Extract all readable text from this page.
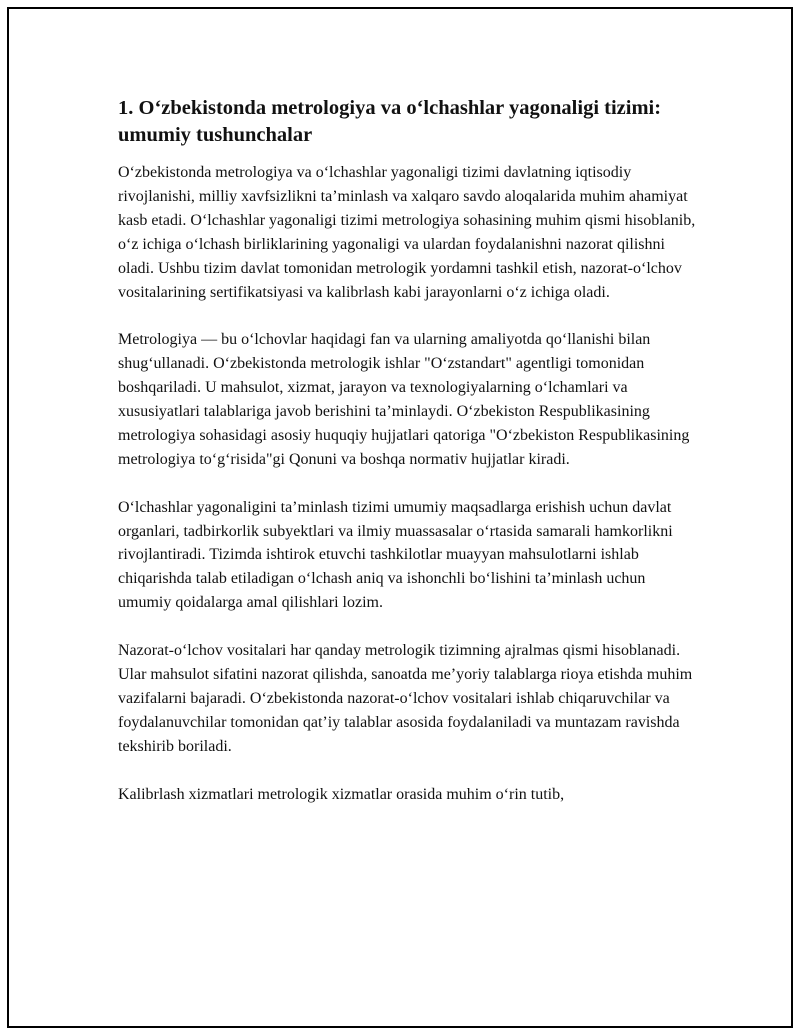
1. O‘zbekistonda metrologiya va o‘lchashlar yagonaligi tizimi: umumiy tushunchalar

O‘zbekistonda metrologiya va o‘lchashlar yagonaligi tizimi davlatning iqtisodiy rivojlanishi, milliy xavfsizlikni ta’minlash va xalqaro savdo aloqalarida muhim ahamiyat kasb etadi. O‘lchashlar yagonaligi tizimi metrologiya sohasining muhim qismi hisoblanib, o‘z ichiga o‘lchash birliklarining yagonaligi va ulardan foydalanishni nazorat qilishni oladi. Ushbu tizim davlat tomonidan metrologik yordamni tashkil etish, nazorat-o‘lchov vositalarining sertifikatsiyasi va kalibrlash kabi jarayonlarni o‘z ichiga oladi.

Metrologiya — bu o‘lchovlar haqidagi fan va ularning amaliyotda qo‘llanishi bilan shug‘ullanadi. O‘zbekistonda metrologik ishlar "O‘zstandart" agentligi tomonidan boshqariladi. U mahsulot, xizmat, jarayon va texnologiyalarning o‘lchamlari va xususiyatlari talablariga javob berishini ta’minlaydi. O‘zbekiston Respublikasining metrologiya sohasidagi asosiy huquqiy hujjatlari qatoriga "O‘zbekiston Respublikasining metrologiya to‘g‘risida"gi Qonuni va boshqa normativ hujjatlar kiradi.

O‘lchashlar yagonaligini ta’minlash tizimi umumiy maqsadlarga erishish uchun davlat organlari, tadbirkorlik subyektlari va ilmiy muassasalar o‘rtasida samarali hamkorlikni rivojlantiradi. Tizimda ishtirok etuvchi tashkilotlar muayyan mahsulotlarni ishlab chiqarishda talab etiladigan o‘lchash aniq va ishonchli bo‘lishini ta’minlash uchun umumiy qoidalarga amal qilishlari lozim.

Nazorat-o‘lchov vositalari har qanday metrologik tizimning ajralmas qismi hisoblanadi. Ular mahsulot sifatini nazorat qilishda, sanoatda me’yoriy talablarga rioya etishda muhim vazifalarni bajaradi. O‘zbekistonda nazorat-o‘lchov vositalari ishlab chiqaruvchilar va foydalanuvchilar tomonidan qat’iy talablar asosida foydalaniladi va muntazam ravishda tekshirib boriladi.

Kalibrlash xizmatlari metrologik xizmatlar orasida muhim o‘rin tutib,
